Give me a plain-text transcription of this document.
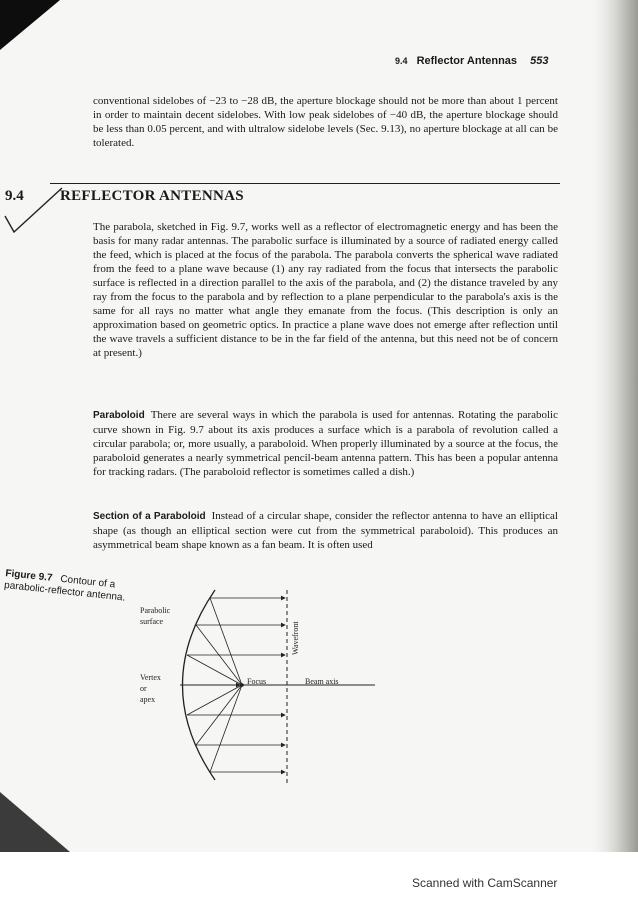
9.4 Reflector Antennas 553

conventional sidelobes of −23 to −28 dB, the aperture blockage should not be more than about 1 percent in order to maintain decent sidelobes. With low peak sidelobes of −40 dB, the aperture blockage should be less than 0.05 percent, and with ultralow sidelobe levels (Sec. 9.13), no aperture blockage at all can be tolerated.

9.4 REFLECTOR ANTENNAS

The parabola, sketched in Fig. 9.7, works well as a reflector of electromagnetic energy and has been the basis for many radar antennas. The parabolic surface is illuminated by a source of radiated energy called the feed, which is placed at the focus of the parabola. The parabola converts the spherical wave radiated from the feed to a plane wave because (1) any ray radiated from the focus that intersects the parabolic surface is reflected in a direction parallel to the axis of the parabola, and (2) the distance traveled by any ray from the focus to the parabola and by reflection to a plane perpendicular to the parabola's axis is the same for all rays no matter what angle they emanate from the focus. (This description is only an approximation based on geometric optics. In practice a plane wave does not emerge after reflection until the wave travels a sufficient distance to be in the far field of the antenna, but this need not be of concern at present.)

Paraboloid There are several ways in which the parabola is used for antennas. Rotating the parabolic curve shown in Fig. 9.7 about its axis produces a surface which is a parabola of revolution called a circular parabola; or, more usually, a paraboloid. When properly illuminated by a source at the focus, the paraboloid generates a nearly symmetrical pencil-beam antenna pattern. This has been a popular antenna for tracking radars. (The paraboloid reflector is sometimes called a dish.)

Section of a Paraboloid Instead of a circular shape, consider the reflector antenna to have an elliptical shape (as though an elliptical section were cut from the symmetrical paraboloid). This produces an asymmetrical beam shape known as a fan beam. It is often used

Figure 9.7 Contour of a parabolic-reflector antenna.
Parabolic
surface
Vertex
or
apex
Focus	Beam axis
Wavefront
Scanned with CamScanner
